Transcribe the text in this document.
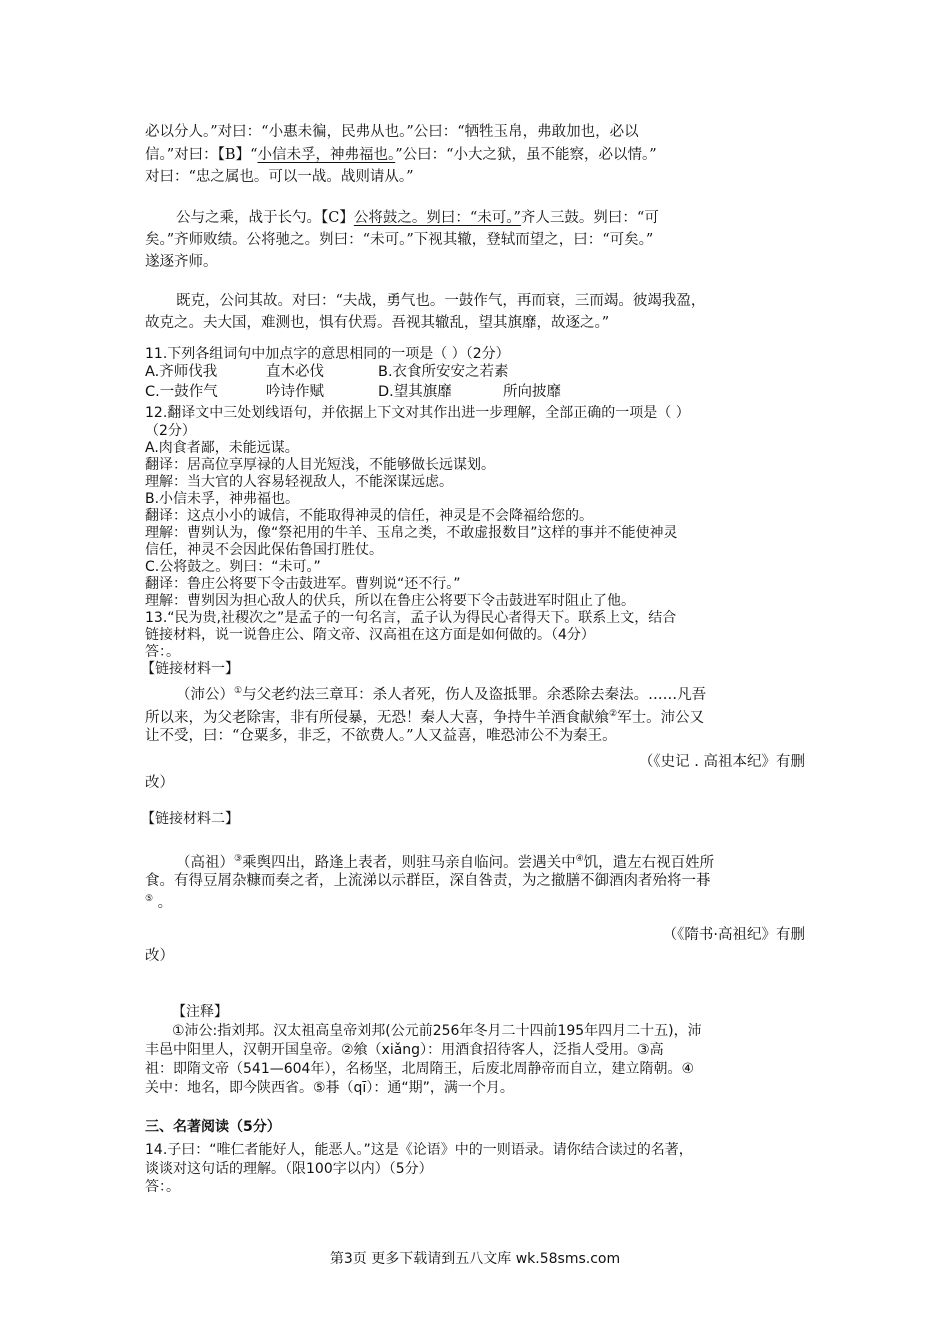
必以分人。”对曰：“小惠未徧，民弗从也。”公曰：“牺牲玉帛，弗敢加也，必以
信。”对曰：【B】“小信未孚，神弗福也。”公曰：“小大之狱，虽不能察，必以情。”
对曰：“忠之属也。可以一战。战则请从。”
公与之乘，战于长勺。【C】公将鼓之。刿曰：“未可。”齐人三鼓。刿曰：“可
矣。”齐师败绩。公将驰之。刿曰：“未可。”下视其辙，登轼而望之，曰：“可矣。”
遂逐齐师。
既克，公问其故。对曰：“夫战，勇气也。一鼓作气，再而衰，三而竭。彼竭我盈，
故克之。夫大国，难测也，惧有伏焉。吾视其辙乱，望其旗靡，故逐之。”
11.下列各组词句中加点字的意思相同的一项是（ ）（2分）
A.齐师伐我	直木必伐	B.衣食所安安之若素
C.一鼓作气	吟诗作赋	D.望其旗靡	所向披靡
12.翻译文中三处划线语句，并依据上下文对其作出进一步理解，全部正确的一项是（ ）
（2分）
A.肉食者鄙，未能远谋。
翻译：居高位享厚禄的人目光短浅，不能够做长远谋划。
理解：当大官的人容易轻视敌人，不能深谋远虑。
B.小信未孚，神弗福也。
翻译：这点小小的诚信，不能取得神灵的信任，神灵是不会降福给您的。
理解：曹刿认为，像“祭祀用的牛羊、玉帛之类，不敢虚报数目”这样的事并不能使神灵
信任，神灵不会因此保佑鲁国打胜仗。
C.公将鼓之。刿曰：“未可。”
翻译：鲁庄公将要下令击鼓进军。曹刿说“还不行。”
理解：曹刿因为担心敌人的伏兵，所以在鲁庄公将要下令击鼓进军时阻止了他。
13.“民为贵,社稷次之”是孟子的一句名言，孟子认为得民心者得天下。联系上文，结合
链接材料，说一说鲁庄公、隋文帝、汉高祖在这方面是如何做的。（4分）
答：。
【链接材料一】
（沛公）①与父老约法三章耳：杀人者死，伤人及盗抵罪。余悉除去秦法。……凡吾
所以来，为父老除害，非有所侵暴，无恐！秦人大喜，争持牛羊酒食献飨②军士。沛公又
让不受，曰：“仓粟多，非乏，不欲费人。”人又益喜，唯恐沛公不为秦王。
（《史记 . 高祖本纪》有删
改）
【链接材料二】
（高祖）③乘舆四出，路逢上表者，则驻马亲自临问。尝遇关中④饥，遣左右视百姓所
食。有得豆屑杂糠而奏之者，上流涕以示群臣，深自咎责，为之撤膳不御酒肉者殆将一朞
⑤ 。
（《隋书·高祖纪》有删
改）
【注释】
①沛公:指刘邦。汉太祖高皇帝刘邦(公元前256年冬月二十四前195年四月二十五)，沛
丰邑中阳里人，汉朝开国皇帝。②飨（xiǎng）：用酒食招待客人，泛指人受用。③高
祖：即隋文帝（541—604年），名杨坚，北周隋王，后废北周静帝而自立，建立隋朝。④
关中：地名，即今陕西省。⑤朞（qī）：通“期”，满一个月。
三、名著阅读（5分）
14.子曰：“唯仁者能好人，能恶人。”这是《论语》中的一则语录。请你结合读过的名著，
谈谈对这句话的理解。（限100字以内）（5分）
答：。
第3页 更多下载请到五八文库 wk.58sms.com
